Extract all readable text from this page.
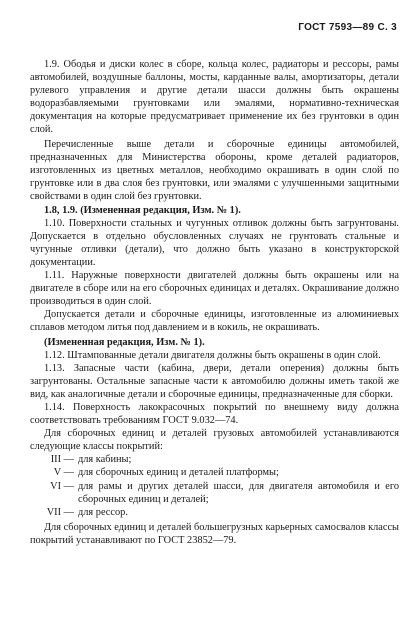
ГОСТ 7593—89 С. 3

1.9. Ободья и диски колес в сборе, кольца колес, радиаторы и рессоры, рамы автомобилей, воздушные баллоны, мосты, карданные валы, амортизаторы, детали рулевого управления и другие детали шасси должны быть окрашены водоразбавляемыми грунтовками или эмалями, нормативно-техническая документация на которые предусматривает применение их без грунтовки в один слой.

Перечисленные выше детали и сборочные единицы автомобилей, предназначенных для Министерства обороны, кроме деталей радиаторов, изготовленных из цветных металлов, необходимо окрашивать в один слой по грунтовке или в два слоя без грунтовки, или эмалями с улучшенными защитными свойствами в один слой без грунтовки.

1.8, 1.9. (Измененная редакция, Изм. № 1).

1.10. Поверхности стальных и чугунных отливок должны быть загрунтованы. Допускается в отдельно обусловленных случаях не грунтовать стальные и чугунные отливки (детали), что должно быть указано в конструкторской документации.

1.11. Наружные поверхности двигателей должны быть окрашены или на двигателе в сборе или на его сборочных единицах и деталях. Окрашивание должно производиться в один слой.

Допускается детали и сборочные единицы, изготовленные из алюминиевых сплавов методом литья под давлением и в кокиль, не окрашивать.

(Измененная редакция, Изм. № 1).

1.12. Штампованные детали двигателя должны быть окрашены в один слой.

1.13. Запасные части (кабина, двери, детали оперения) должны быть загрунтованы. Остальные запасные части к автомобилю должны иметь такой же вид, как аналогичные детали и сборочные единицы, предназначенные для сборки.

1.14. Поверхность лакокрасочных покрытий по внешнему виду должна соответствовать требованиям ГОСТ 9.032—74.

Для сборочных единиц и деталей грузовых автомобилей устанавливаются следующие классы покрытий:

III — для кабины;
V — для сборочных единиц и деталей платформы;
VI — для рамы и других деталей шасси, для двигателя автомобиля и его сборочных единиц и деталей;
VII — для рессор.

Для сборочных единиц и деталей большегрузных карьерных самосвалов классы покрытий устанавливают по ГОСТ 23852—79.
